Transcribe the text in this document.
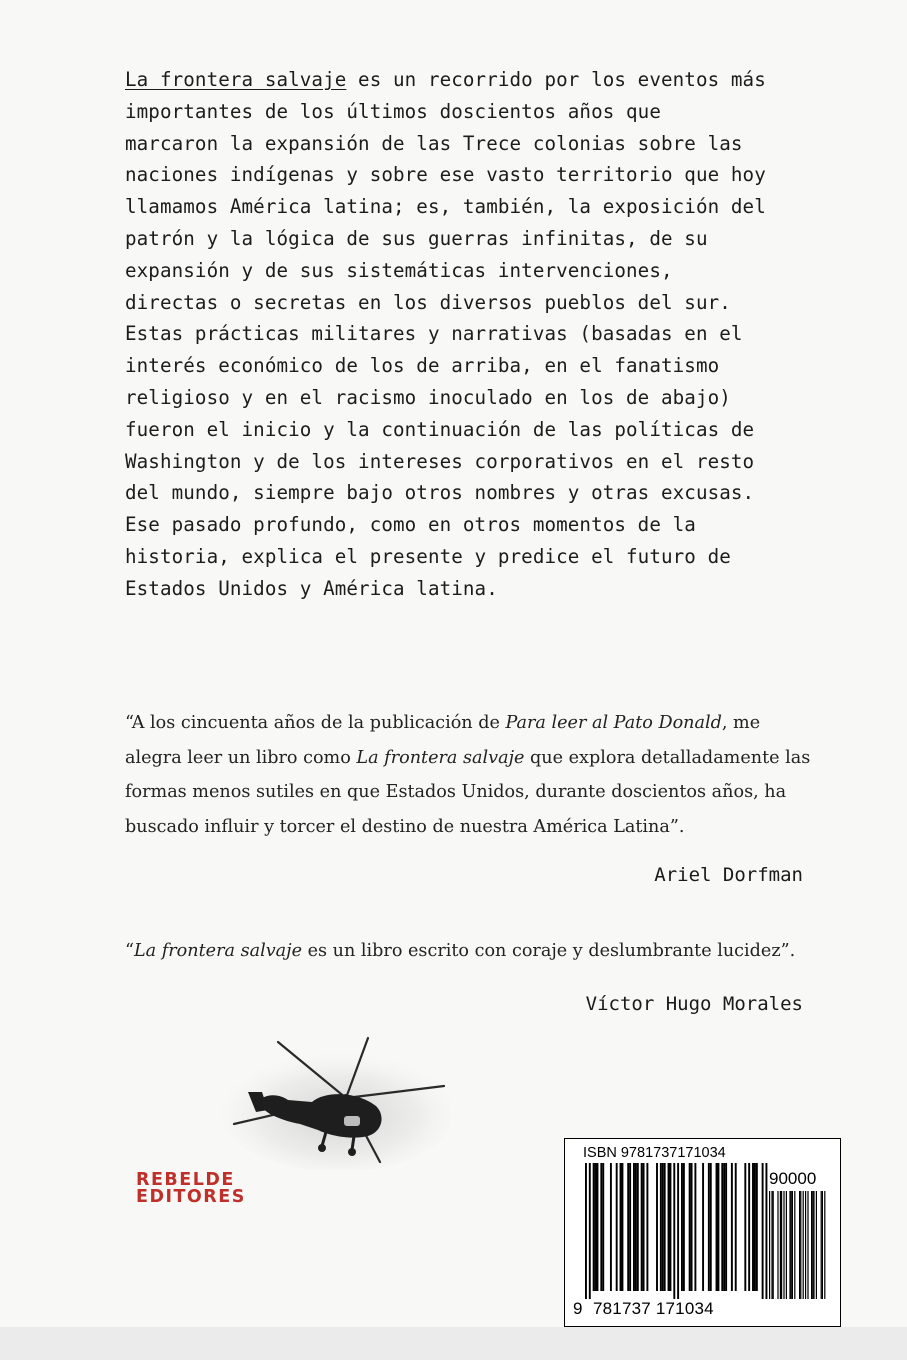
La frontera salvaje es un recorrido por los eventos más
importantes de los últimos doscientos años que
marcaron la expansión de las Trece colonias sobre las
naciones indígenas y sobre ese vasto territorio que hoy
llamamos América latina; es, también, la exposición del
patrón y la lógica de sus guerras infinitas, de su
expansión y de sus sistemáticas intervenciones,
directas o secretas en los diversos pueblos del sur.
Estas prácticas militares y narrativas (basadas en el
interés económico de los de arriba, en el fanatismo
religioso y en el racismo inoculado en los de abajo)
fueron el inicio y la continuación de las políticas de
Washington y de los intereses corporativos en el resto
del mundo, siempre bajo otros nombres y otras excusas.
Ese pasado profundo, como en otros momentos de la
historia, explica el presente y predice el futuro de
Estados Unidos y América latina.

“A los cincuenta años de la publicación de Para leer al Pato Donald, me
alegra leer un libro como La frontera salvaje que explora detalladamente las
formas menos sutiles en que Estados Unidos, durante doscientos años, ha
buscado influir y torcer el destino de nuestra América Latina”.

Ariel Dorfman

“La frontera salvaje es un libro escrito con coraje y deslumbrante lucidez”.

Víctor Hugo Morales
REBELDE
EDITORES
ISBN 9781737171034
9 781737 171034
90000
